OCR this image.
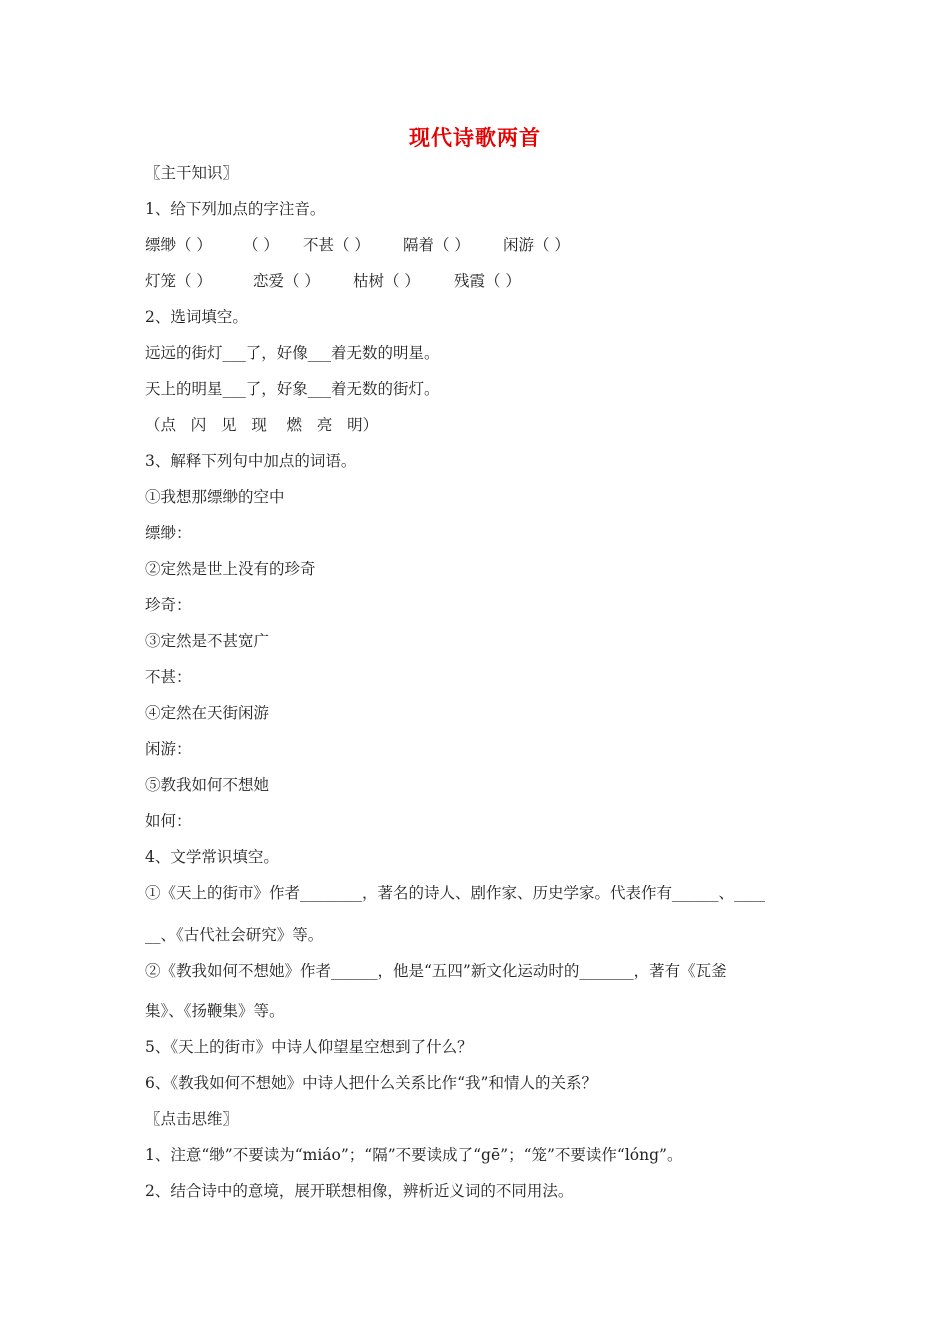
现代诗歌两首
〖主干知识〗
1、给下列加点的字注音。
缥缈（ ） （ ） 不甚（ ） 隔着（ ） 闲游（ ）
灯笼（ ）	恋爱（ ） 枯树（ ） 残霞（ ）
2、选词填空。
远远的街灯___了，好像___着无数的明星。
天上的明星___了，好象___着无数的街灯。
（点   闪   见   现    燃   亮   明）
3、解释下列句中加点的词语。
①我想那缥缈的空中
缥缈：
②定然是世上没有的珍奇
珍奇：
③定然是不甚宽广
不甚：
④定然在天街闲游
闲游：
⑤教我如何不想她
如何：
4、文学常识填空。
①《天上的街市》作者________，著名的诗人、剧作家、历史学家。代表作有______、____
__、《古代社会研究》等。
②《教我如何不想她》作者______，他是“五四”新文化运动时的_______，著有《瓦釜
集》、《扬鞭集》等。
5、《天上的街市》中诗人仰望星空想到了什么？
6、《教我如何不想她》中诗人把什么关系比作“我”和情人的关系？
〖点击思维〗
1、注意“缈”不要读为“miáo”；“隔”不要读成了“gē”；“笼”不要读作“lóng”。
2、结合诗中的意境，展开联想相像，辨析近义词的不同用法。
